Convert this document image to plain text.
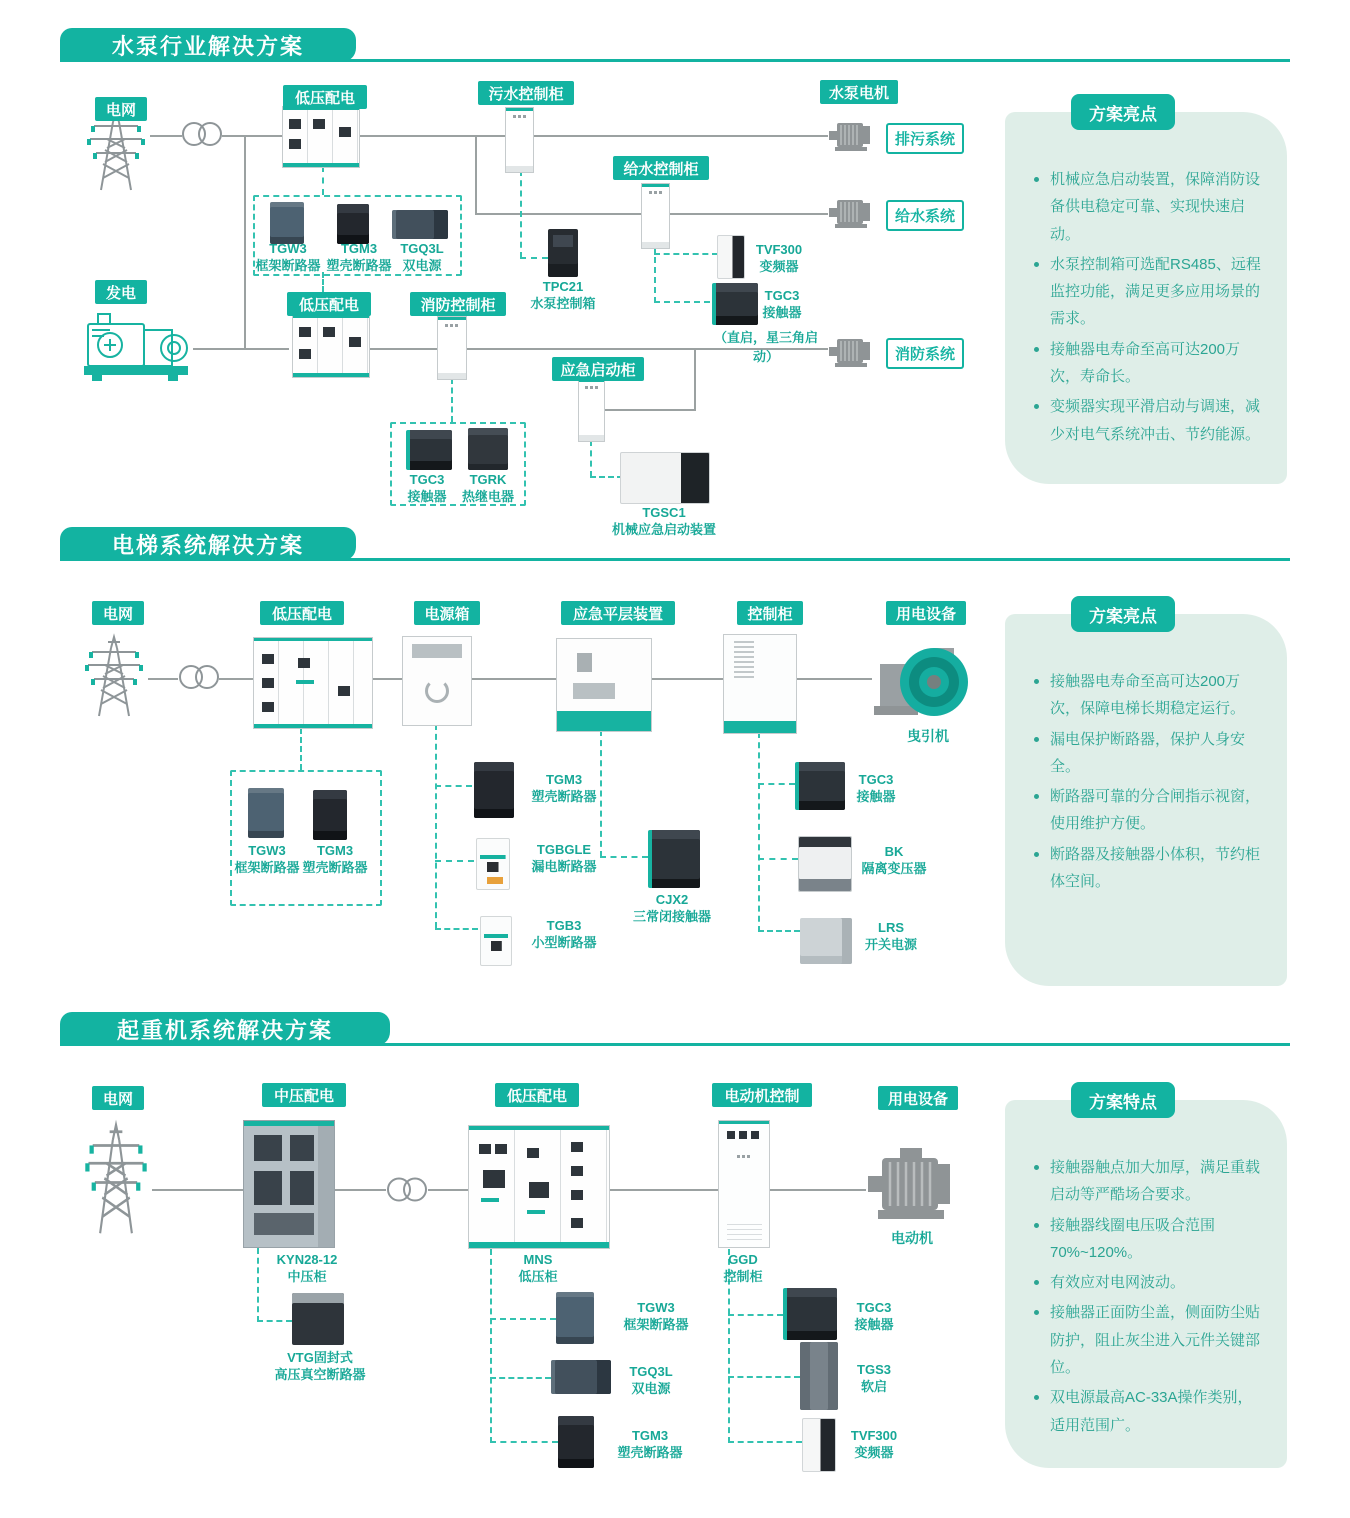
水泵行业解决方案
电网
低压配电	污水控制柜
给水控制柜
水泵电机
发电
低压配电	消防控制柜
应急启动柜
排污系统
给水系统
消防系统
TGW3
框架断路器
TGM3
塑壳断路器
TGQ3L
双电源
TPC21
水泵控制箱
TVF300
变频器
TGC3
接触器
（直启，星三角启动）
TGC3
接触器
TGRK
热继电器
TGSC1
机械应急启动装置
机械应急启动装置，保障消防设备供电稳定可靠、实现快速启动。
水泵控制箱可选配RS485、远程监控功能，满足更多应用场景的需求。
接触器电寿命至高可达200万次，寿命长。
变频器实现平滑启动与调速，减少对电气系统冲击、节约能源。
方案亮点
电梯系统解决方案
电网	低压配电	电源箱	应急平层装置	控制柜	用电设备
曳引机
TGW3
框架断路器
TGM3
塑壳断路器
TGM3
塑壳断路器
TGBGLE
漏电断路器
TGB3
小型断路器
CJX2
三常闭接触器
TGC3
接触器
BK
隔离变压器
LRS
开关电源
接触器电寿命至高可达200万次，保障电梯长期稳定运行。
漏电保护断路器，保护人身安全。
断路器可靠的分合闸指示视窗，使用维护方便。
断路器及接触器小体积，节约柜体空间。
方案亮点
起重机系统解决方案
电网	中压配电	低压配电	电动机控制	用电设备
电动机
KYN28-12
中压柜
MNS
低压柜
GGD
控制柜
VTG固封式
高压真空断路器
TGW3
框架断路器
TGQ3L
双电源
TGM3
塑壳断路器
TGC3
接触器
TGS3
软启
TVF300
变频器
接触器触点加大加厚，满足重载启动等严酷场合要求。
接触器线圈电压吸合范围70%~120%。
有效应对电网波动。
接触器正面防尘盖，侧面防尘贴防护，阻止灰尘进入元件关键部位。
双电源最高AC-33A操作类别，适用范围广。
方案特点
